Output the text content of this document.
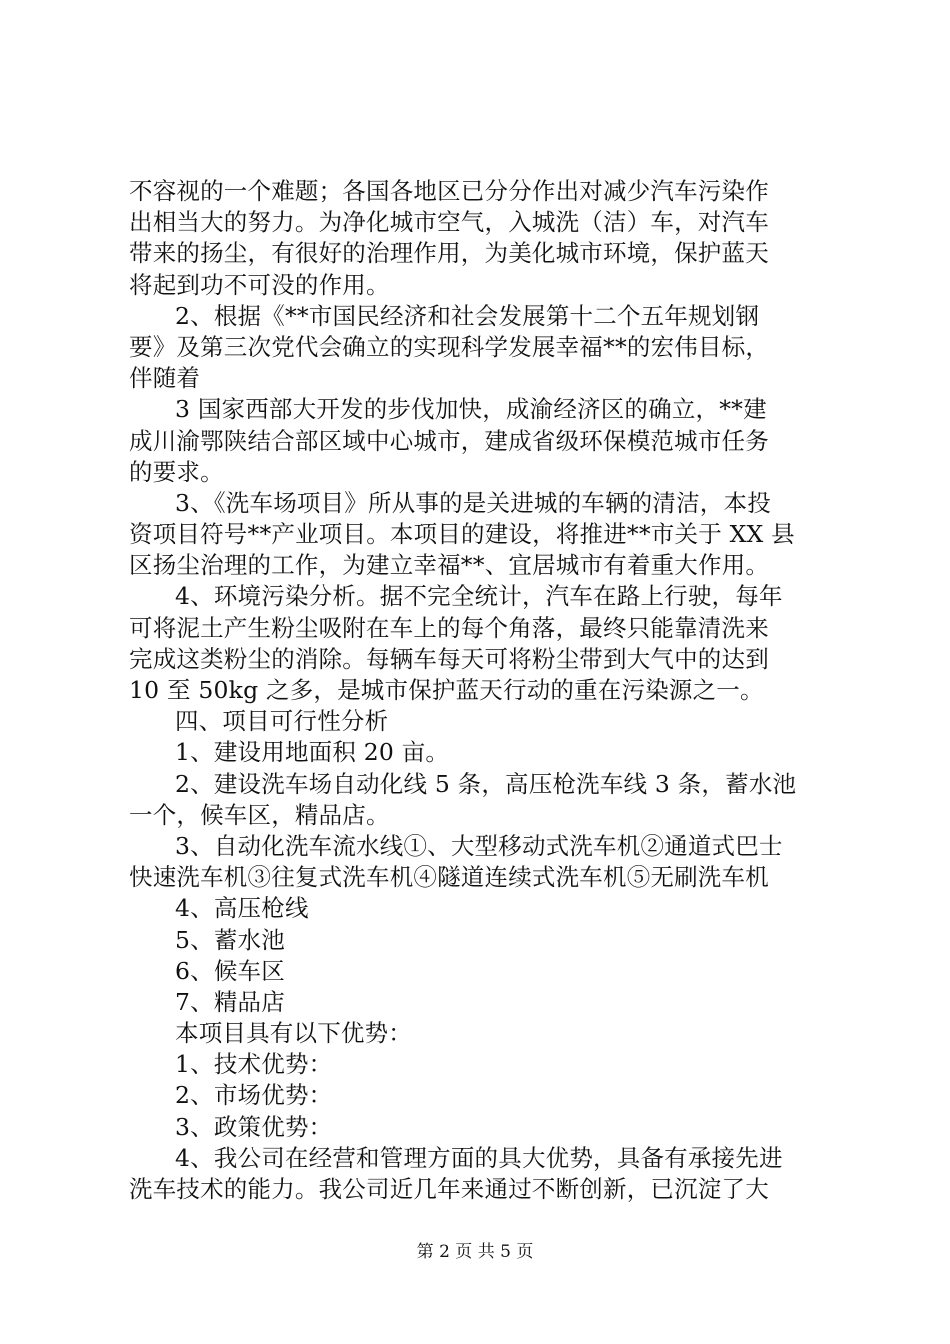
不容视的一个难题；各国各地区已分分作出对减少汽车污染作
出相当大的努力。为净化城市空气，入城洗（洁）车，对汽车
带来的扬尘，有很好的治理作用，为美化城市环境，保护蓝天
将起到功不可没的作用。
2、根据《**市国民经济和社会发展第十二个五年规划钢
要》及第三次党代会确立的实现科学发展幸福**的宏伟目标，
伴随着
3 国家西部大开发的步伐加快，成渝经济区的确立，**建
成川渝鄂陕结合部区域中心城市，建成省级环保模范城市任务
的要求。
3、《洗车场项目》所从事的是关进城的车辆的清洁，本投
资项目符号**产业项目。本项目的建设，将推进**市关于 XX 县
区扬尘治理的工作，为建立幸福**、宜居城市有着重大作用。
4、环境污染分析。据不完全统计，汽车在路上行驶，每年
可将泥土产生粉尘吸附在车上的每个角落，最终只能靠清洗来
完成这类粉尘的消除。每辆车每天可将粉尘带到大气中的达到
10 至 50kg 之多，是城市保护蓝天行动的重在污染源之一。
四、项目可行性分析
1、建设用地面积 20 亩。
2、建设洗车场自动化线 5 条，高压枪洗车线 3 条，蓄水池
一个，候车区，精品店。
3、自动化洗车流水线①、大型移动式洗车机②通道式巴士
快速洗车机③往复式洗车机④隧道连续式洗车机⑤无刷洗车机
4、高压枪线
5、蓄水池
6、候车区
7、精品店
本项目具有以下优势：
1、技术优势：
2、市场优势：
3、政策优势：
4、我公司在经营和管理方面的具大优势，具备有承接先进
洗车技术的能力。我公司近几年来通过不断创新，已沉淀了大
第 2 页 共 5 页
